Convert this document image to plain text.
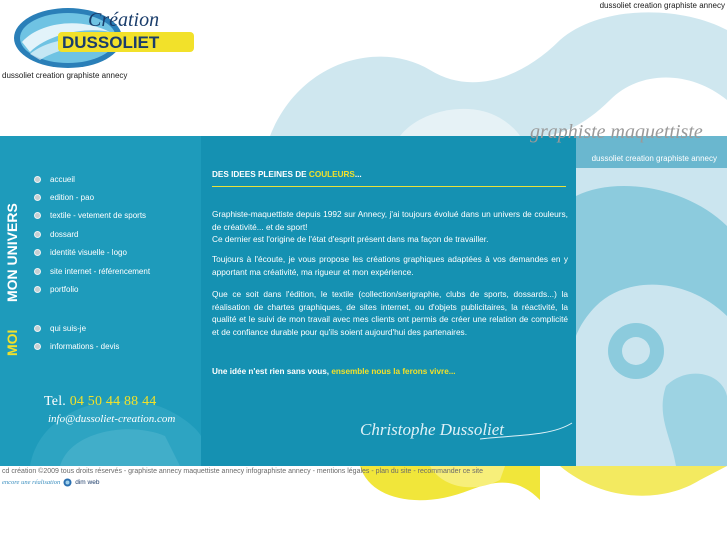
Création
DUSSOLIET
dussoliet creation graphiste annecy
dussoliet creation graphiste annecy
graphiste maquettiste
dussoliet creation graphiste annecy
MOI
MON UNIVERS
accueil
edition - pao
textile - vetement de sports
dossard
identité visuelle - logo
site internet - référencement
portfolio
qui suis-je
informations - devis
Tel. 04 50 44 88 44
info@dussoliet-creation.com
DES IDEES PLEINES DE COULEURS...

Graphiste-maquettiste depuis 1992 sur Annecy, j'ai toujours évolué dans un univers de couleurs, de créativité... et de sport!
Ce dernier est l'origine de l'état d'esprit présent dans ma façon de travailler.

Toujours à l'écoute, je vous propose les créations graphiques adaptées à vos demandes en y apportant ma créativité, ma rigueur et mon expérience.

Que ce soit dans l'édition, le textile (collection/serigraphie, clubs de sports, dossards...) la réalisation de chartes graphiques, de sites internet, ou d'objets publicitaires, la réactivité, la qualité et le suivi de mon travail avec mes clients ont permis de créer une relation de complicité et de confiance durable pour qu'ils soient aujourd'hui des partenaires.

Une idée n'est rien sans vous, ensemble nous la ferons vivre...
Christophe Dussoliet
cd création ©2009 tous droits réservés - graphiste annecy maquettiste annecy infographiste annecy - mentions légales - plan du site - recommander ce site
encore une réalisation dim web
